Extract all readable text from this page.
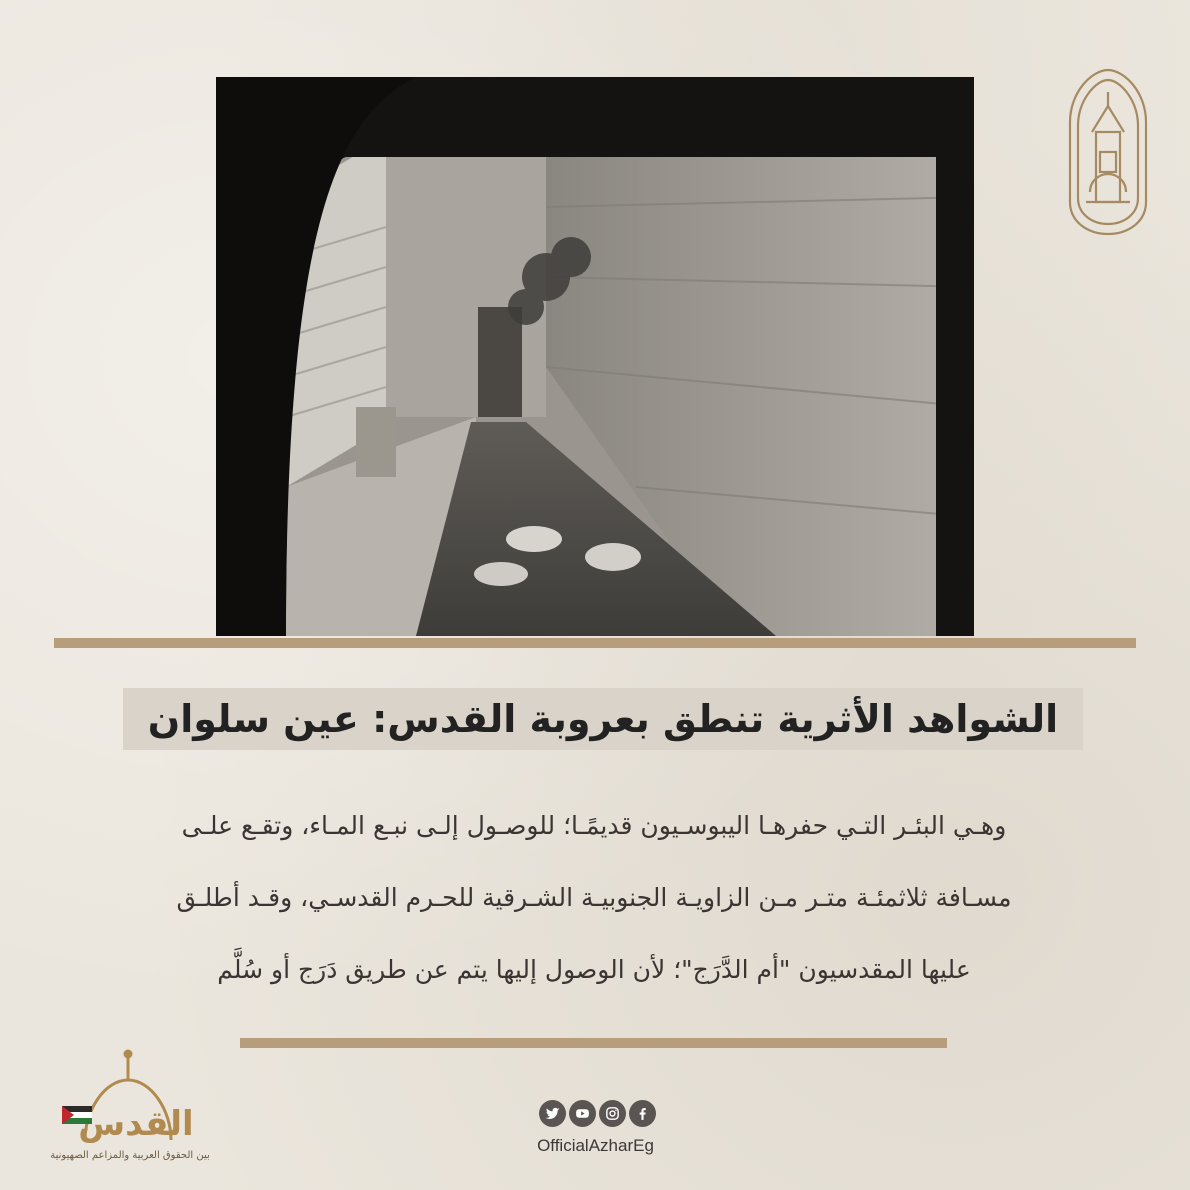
الشواهد الأثرية تنطق بعروبة القدس: عين سلوان

وهـي البئـر التـي حفرهـا اليبوسـيون قديمًـا؛ للوصـول إلـى نبـع المـاء، وتقـع علـى

مسـافة ثلاثمئـة متـر مـن الزاويـة الجنوبيـة الشـرقية للحـرم القدسـي، وقـد أطلـق

عليها المقدسيون "أم الدَّرَج"؛ لأن الوصول إليها يتم عن طريق دَرَج أو سُلَّم

القدس
بين الحقوق العربية والمزاعم الصهيونية
OfficialAzharEg
